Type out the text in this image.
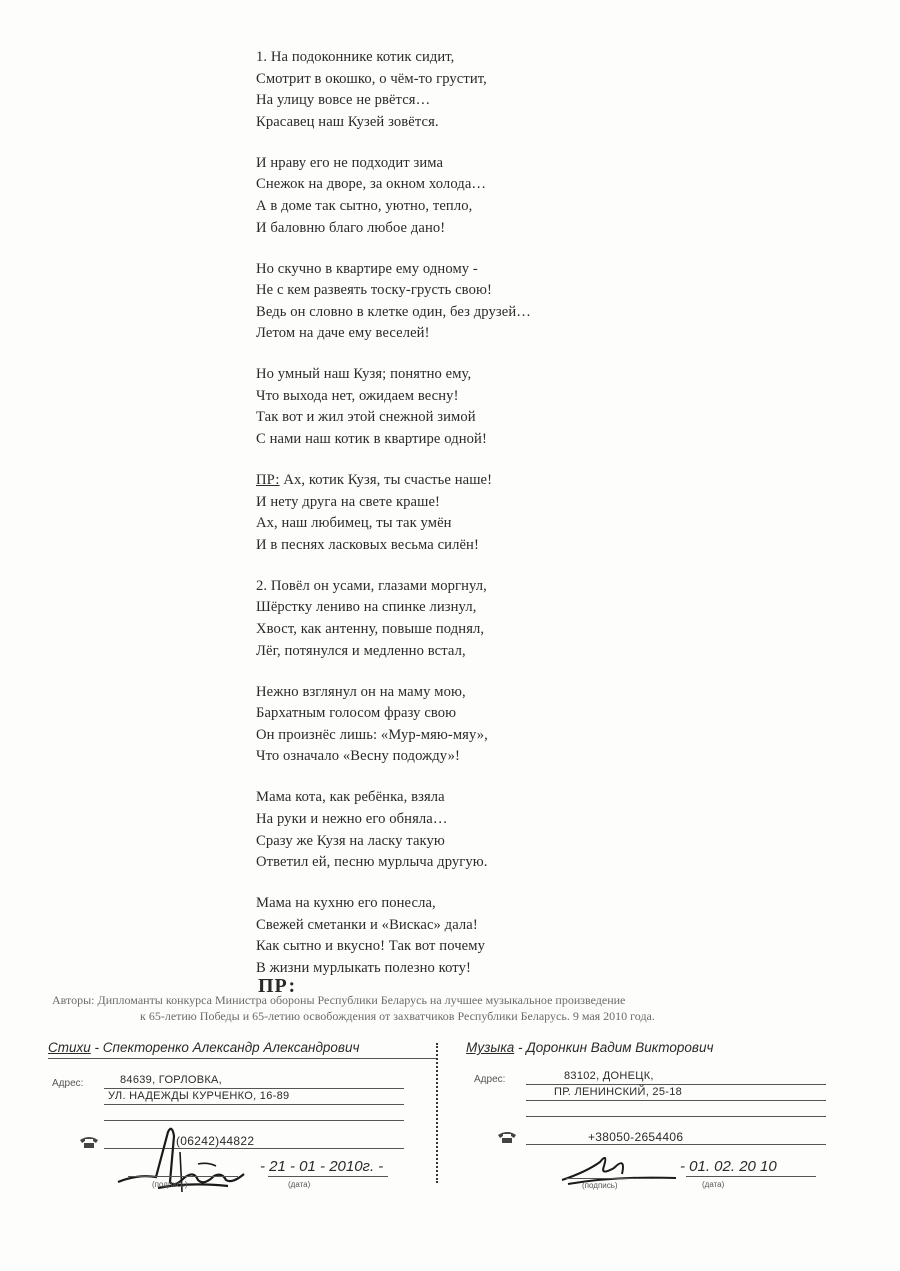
1. На подоконнике котик сидит,
Смотрит в окошко, о чём-то грустит,
На улицу вовсе не рвётся…
Красавец наш Кузей зовётся.
И нраву его не подходит зима
Снежок на дворе, за окном холода…
А в доме так сытно, уютно, тепло,
И баловню благо любое дано!
Но скучно в квартире ему одному -
Не с кем развеять тоску-грусть свою!
Ведь он словно в клетке один, без друзей…
Летом на даче ему веселей!
Но умный наш Кузя; понятно ему,
Что выхода нет, ожидаем весну!
Так вот и жил этой снежной зимой
С нами наш котик в квартире одной!
ПР: Ах, котик Кузя, ты счастье наше!
И нету друга на свете краше!
Ах, наш любимец, ты так умён
И в песнях ласковых весьма силён!
2. Повёл он усами, глазами моргнул,
Шёрстку лениво на спинке лизнул,
Хвост, как антенну, повыше поднял,
Лёг, потянулся и медленно встал,
Нежно взглянул он на маму мою,
Бархатным голосом фразу свою
Он произнёс лишь: «Мур-мяю-мяу»,
Что означало «Весну подожду»!
Мама кота, как ребёнка, взяла
На руки и нежно его обняла…
Сразу же Кузя на ласку такую
Ответил ей, песню мурлыча другую.
Мама на кухню его понесла,
Свежей сметанки и «Вискас» дала!
Как сытно и вкусно! Так вот почему
В жизни мурлыкать полезно коту!
ПР:
Авторы: Дипломанты конкурса Министра обороны Республики Беларусь на лучшее музыкальное произведение
к 65-летию Победы и 65-летию освобождения от захватчиков Республики Беларусь. 9 мая 2010 года.
Стихи - Спекторенко Александр Александрович
Адрес:	84639, ГОРЛОВКА,
УЛ. НАДЕЖДЫ КУРЧЕНКО, 16-89
(06242)44822
(подпись)
- 21 - 01 - 2010г. -
(дата)
Музыка - Доронкин Вадим Викторович
Адрес:	83102, ДОНЕЦК,
ПР. ЛЕНИНСКИЙ, 25-18
+38050-2654406
(подпись)
- 01. 02. 20 10
(дата)
